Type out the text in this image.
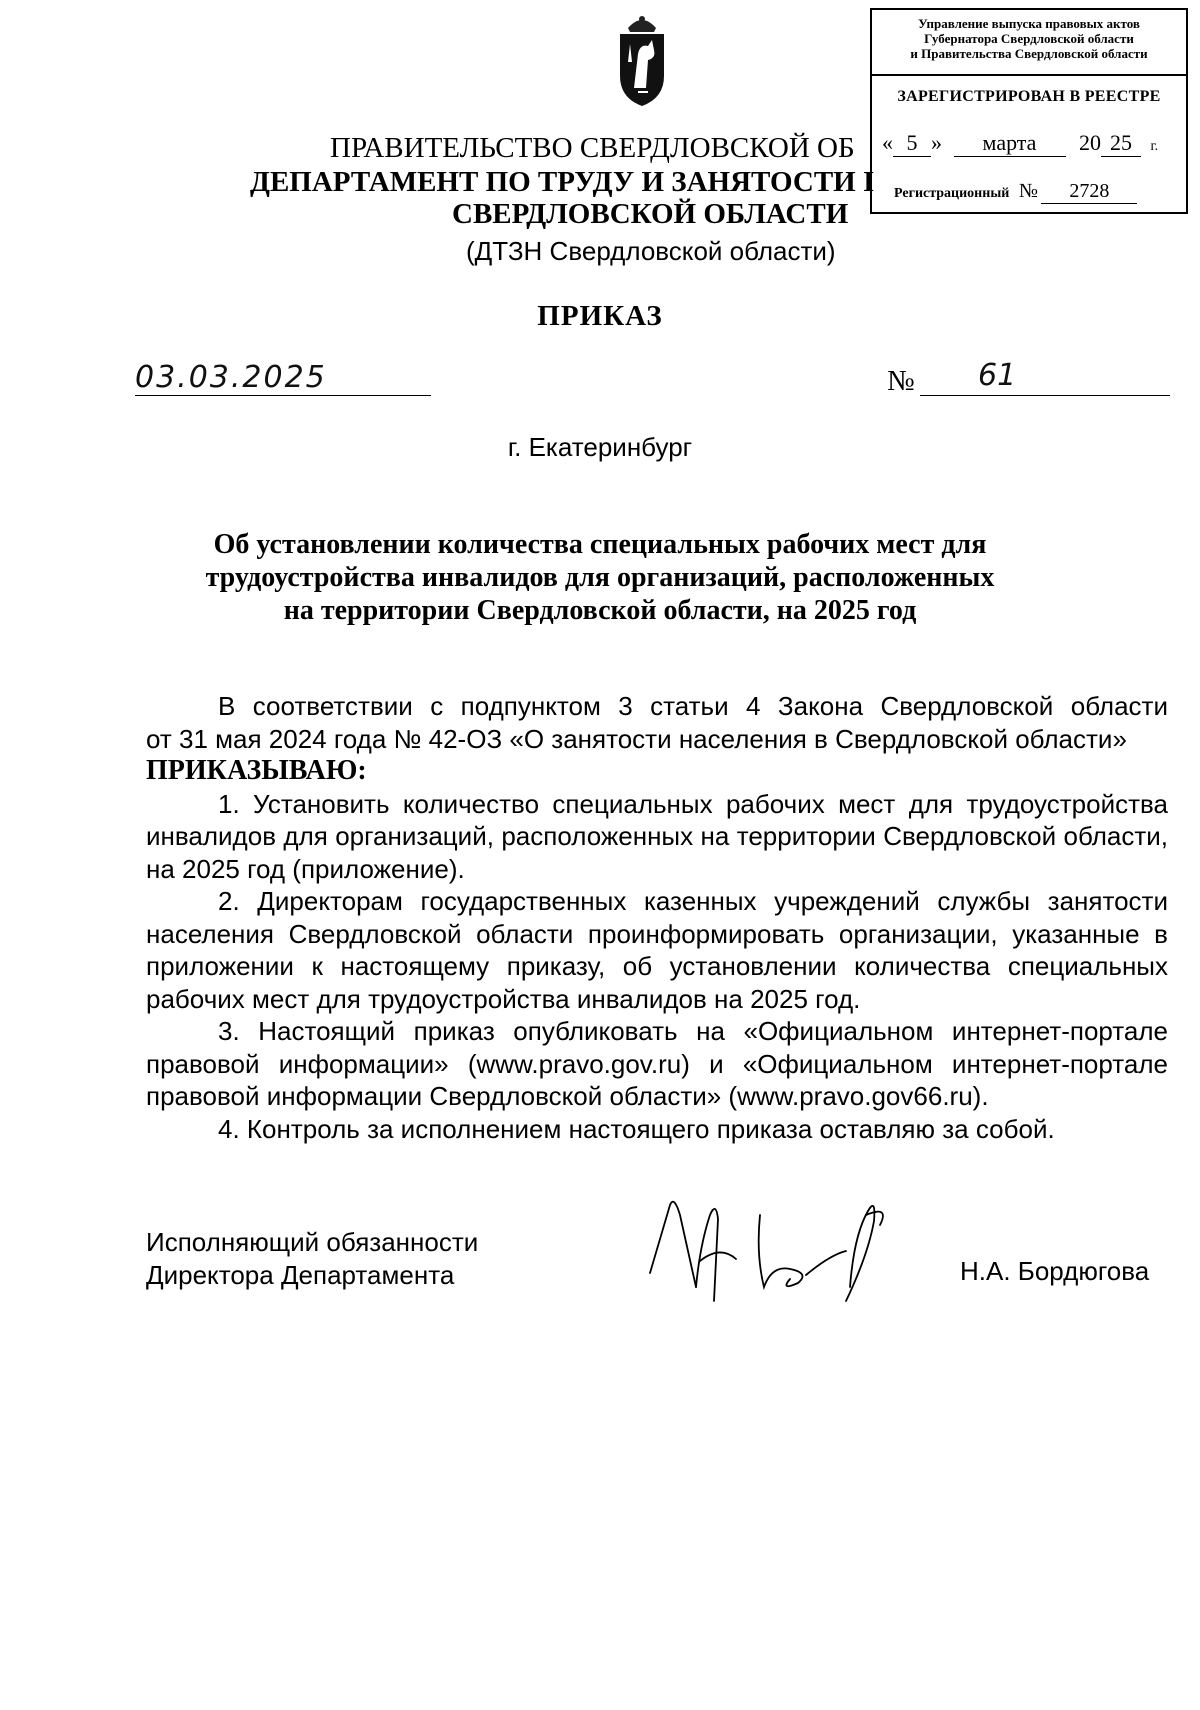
Управление выпуска правовых актов
Губернатора Свердловской области
и Правительства Свердловской области
ЗАРЕГИСТРИРОВАН В РЕЕСТРЕ
« 5 » марта 20 25 г.
Регистрационный № 2728
ПРАВИТЕЛЬСТВО СВЕРДЛОВСКОЙ ОБ
ДЕПАРТАМЕНТ ПО ТРУДУ И ЗАНЯТОСТИ I
СВЕРДЛОВСКОЙ ОБЛАСТИ
(ДТЗН Свердловской области)
ПРИКАЗ
03.03.2025	№ 61
г. Екатеринбург
Об установлении количества специальных рабочих мест для
трудоустройства инвалидов для организаций, расположенных
на территории Свердловской области, на 2025 год

В соответствии с подпунктом 3 статьи 4 Закона Свердловской области

от 31 мая 2024 года № 42-ОЗ «О занятости населения в Свердловской области»

ПРИКАЗЫВАЮ:

1. Установить количество специальных рабочих мест для трудоустройства инвалидов для организаций, расположенных на территории Свердловской области, на 2025 год (приложение).

2. Директорам государственных казенных учреждений службы занятости населения Свердловской области проинформировать организации, указанные в приложении к настоящему приказу, об установлении количества специальных рабочих мест для трудоустройства инвалидов на 2025 год.

3. Настоящий приказ опубликовать на «Официальном интернет-портале правовой информации» (www.pravo.gov.ru) и «Официальном интернет-портале правовой информации Свердловской области» (www.pravo.gov66.ru).

4. Контроль за исполнением настоящего приказа оставляю за собой.

Исполняющий обязанности
Директора Департамента	Н.А. Бордюгова
